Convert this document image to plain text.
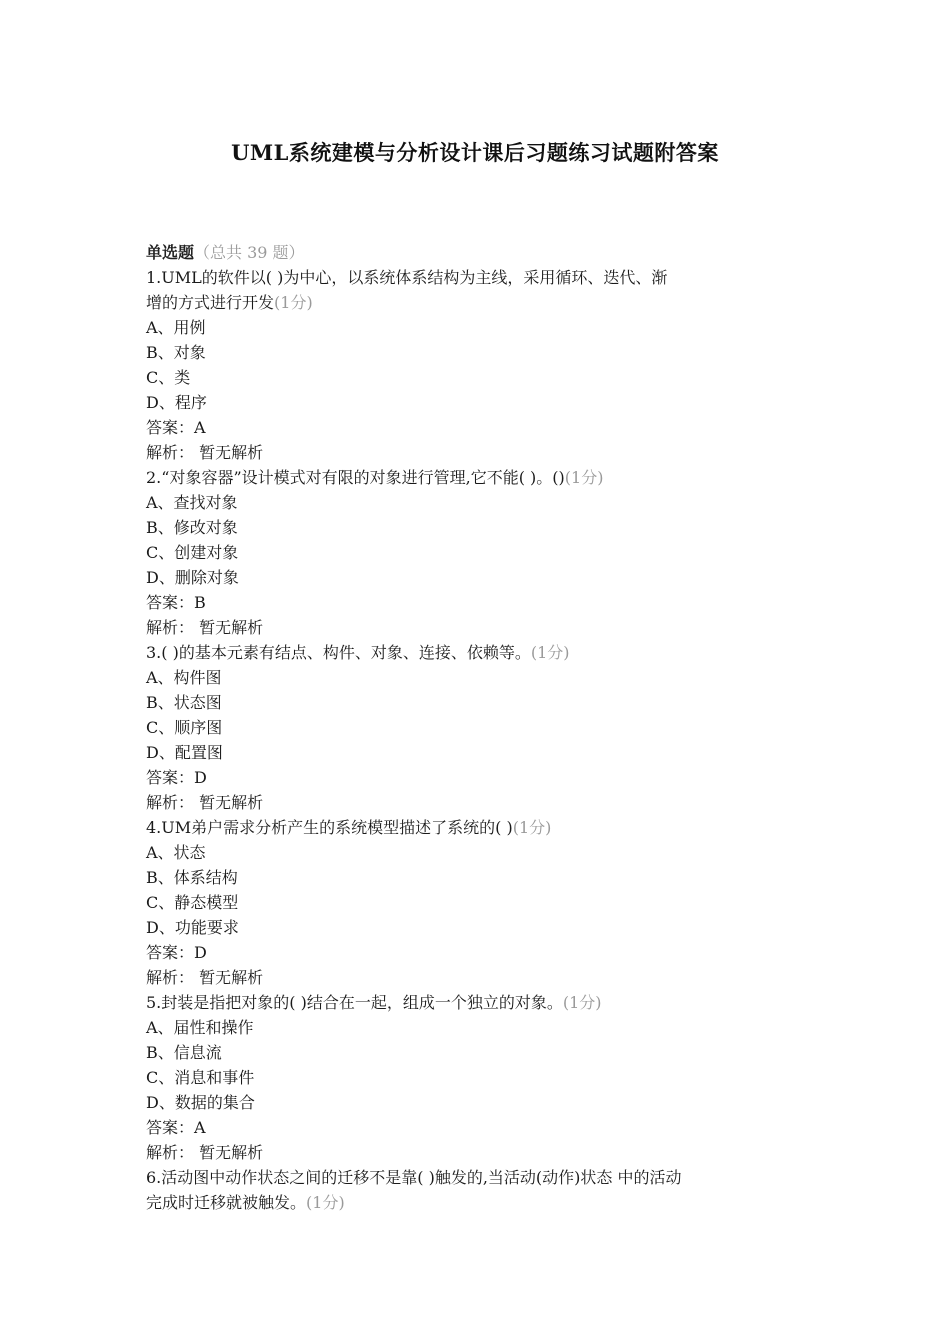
UML系统建模与分析设计课后习题练习试题附答案
单选题（总共 39 题）
1.UML的软件以( )为中心，以系统体系结构为主线，采用循环、迭代、渐
增的方式进行开发(1分)
A、用例
B、对象
C、类
D、程序
答案：A
解析： 暂无解析
2.“对象容器”设计模式对有限的对象进行管理,它不能( )。()(1分)
A、查找对象
B、修改对象
C、创建对象
D、删除对象
答案：B
解析： 暂无解析
3.( )的基本元素有结点、构件、对象、连接、依赖等。(1分)
A、构件图
B、状态图
C、顺序图
D、配置图
答案：D
解析： 暂无解析
4.UM弟户需求分析产生的系统模型描述了系统的( )(1分)
A、状态
B、体系结构
C、静态模型
D、功能要求
答案：D
解析： 暂无解析
5.封装是指把对象的( )结合在一起，组成一个独立的对象。(1分)
A、届性和操作
B、信息流
C、消息和事件
D、数据的集合
答案：A
解析： 暂无解析
6.活动图中动作状态之间的迁移不是靠( )触发的,当活动(动作)状态 中的活动
完成时迁移就被触发。(1分)
